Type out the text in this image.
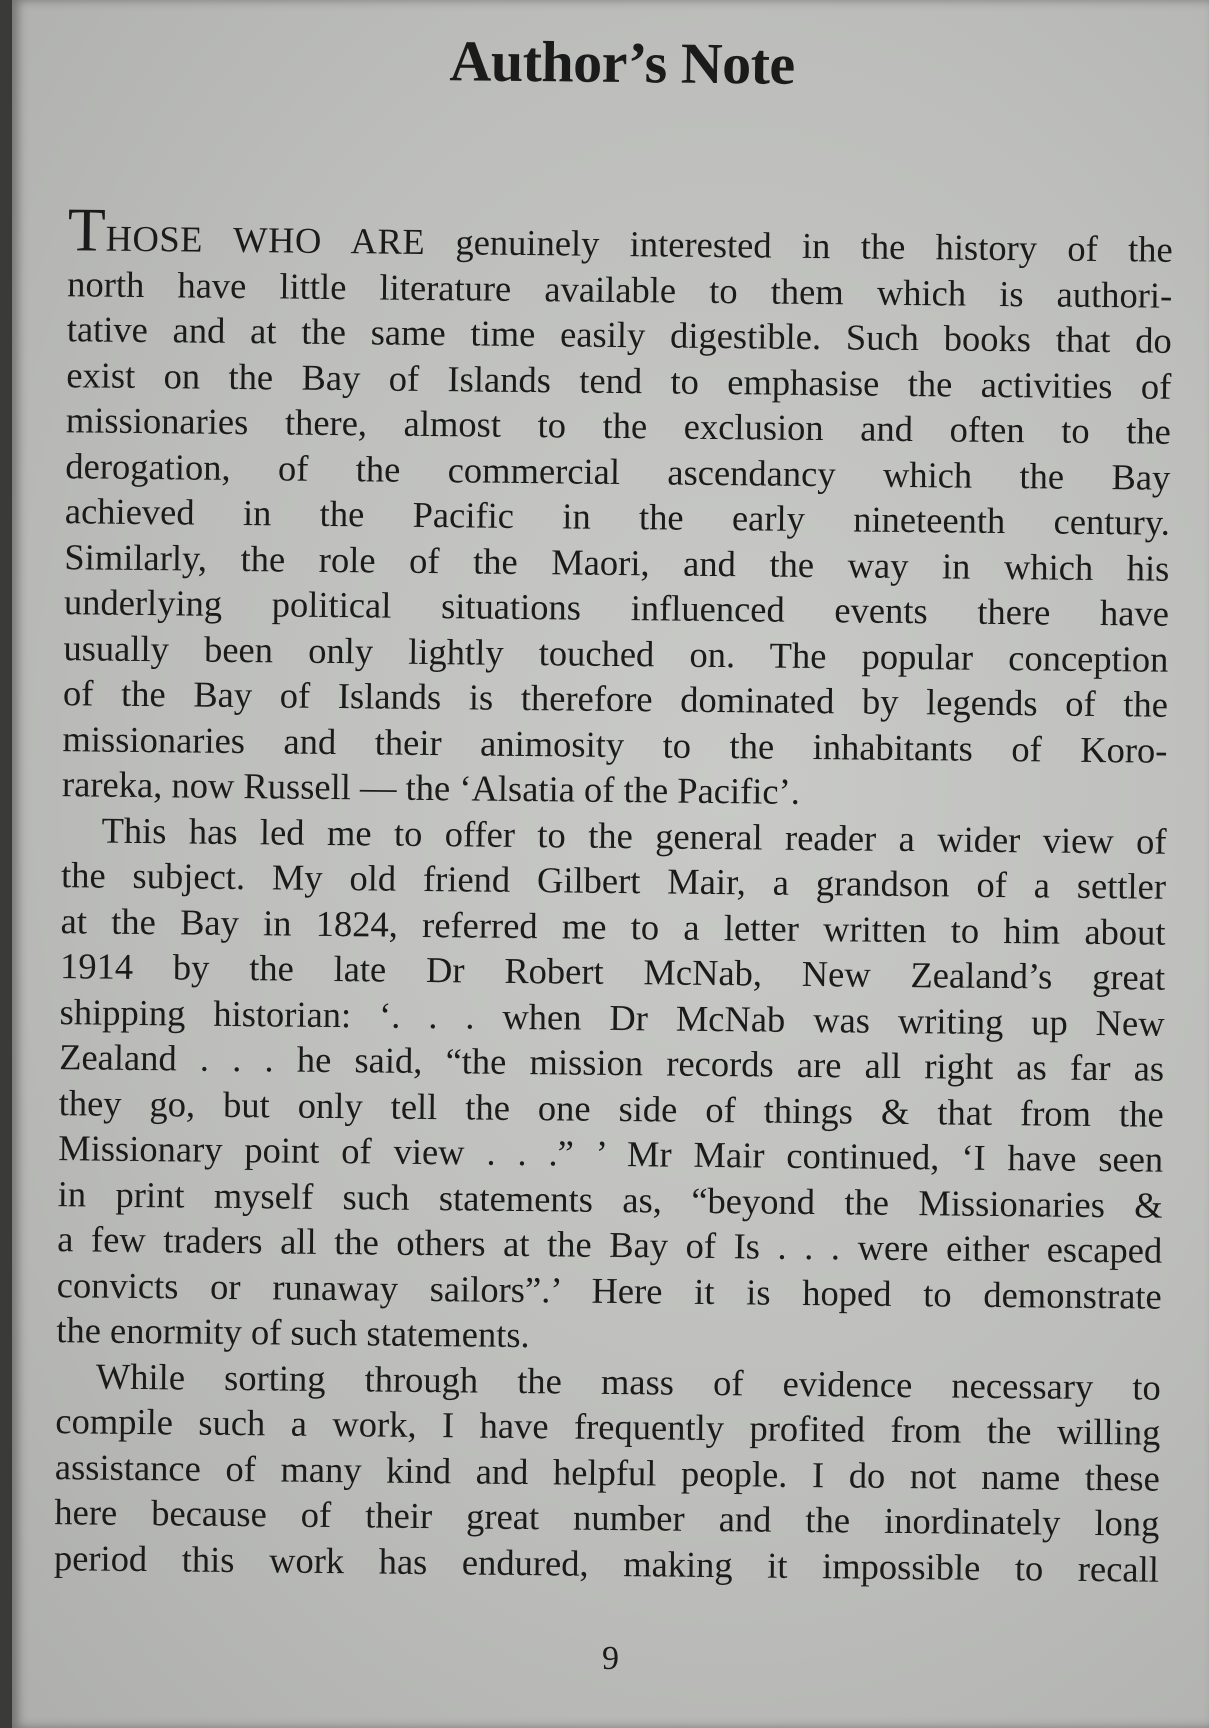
Author’s Note

THOSE WHO ARE genuinely interested in the history of the
north have little literature available to them which is authori-
tative and at the same time easily digestible. Such books that do
exist on the Bay of Islands tend to emphasise the activities of
missionaries there, almost to the exclusion and often to the
derogation, of the commercial ascendancy which the Bay
achieved in the Pacific in the early nineteenth century.
Similarly, the role of the Maori, and the way in which his
underlying political situations influenced events there have
usually been only lightly touched on. The popular conception
of the Bay of Islands is therefore dominated by legends of the
missionaries and their animosity to the inhabitants of Koro-
rareka, now Russell — the ‘Alsatia of the Pacific’.

This has led me to offer to the general reader a wider view of
the subject. My old friend Gilbert Mair, a grandson of a settler
at the Bay in 1824, referred me to a letter written to him about
1914 by the late Dr Robert McNab, New Zealand’s great
shipping historian: ‘. . . when Dr McNab was writing up New
Zealand . . . he said, “the mission records are all right as far as
they go, but only tell the one side of things & that from the
Missionary point of view . . .” ’ Mr Mair continued, ‘I have seen
in print myself such statements as, “beyond the Missionaries &
a few traders all the others at the Bay of Is . . . were either escaped
convicts or runaway sailors”.’ Here it is hoped to demonstrate
the enormity of such statements.

While sorting through the mass of evidence necessary to
compile such a work, I have frequently profited from the willing
assistance of many kind and helpful people. I do not name these
here because of their great number and the inordinately long
period this work has endured, making it impossible to recall

9
